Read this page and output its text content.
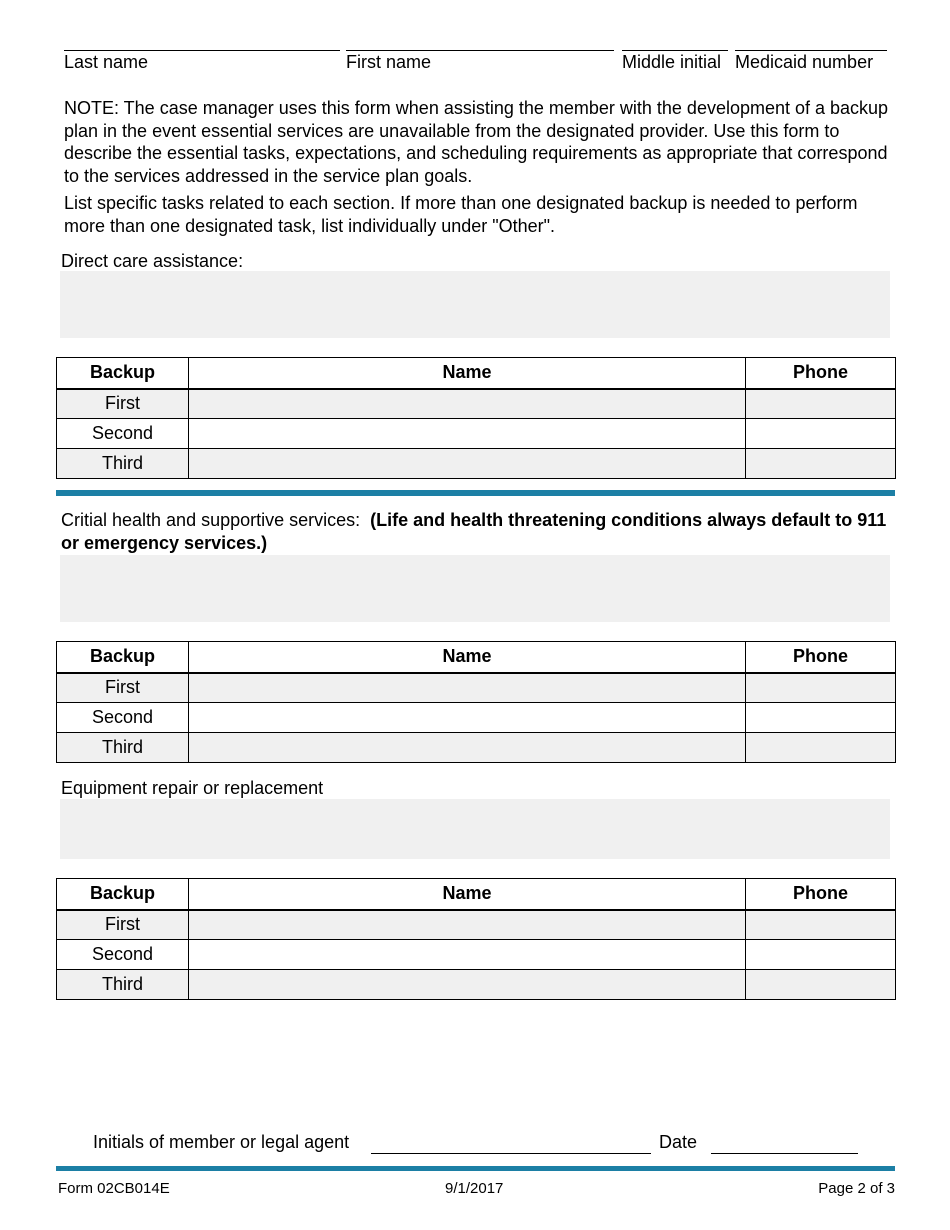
Last name	First name	Middle initial Medicaid number
NOTE: The case manager uses this form when assisting the member with the development of a backup plan in the event essential services are unavailable from the designated provider. Use this form to describe the essential tasks, expectations, and scheduling requirements as appropriate that correspond to the services addressed in the service plan goals.
List specific tasks related to each section. If more than one designated backup is needed to perform more than one designated task, list individually under "Other".
Direct care assistance:
Backup	Name	Phone
First		
Second		
Third		
Critial health and supportive services: (Life and health threatening conditions always default to 911 or emergency services.)
Backup	Name	Phone
First		
Second		
Third		
Equipment repair or replacement
Backup	Name	Phone
First		
Second		
Third		
Initials of member or legal agent	Date
Form 02CB014E	9/1/2017	Page 2 of 3
